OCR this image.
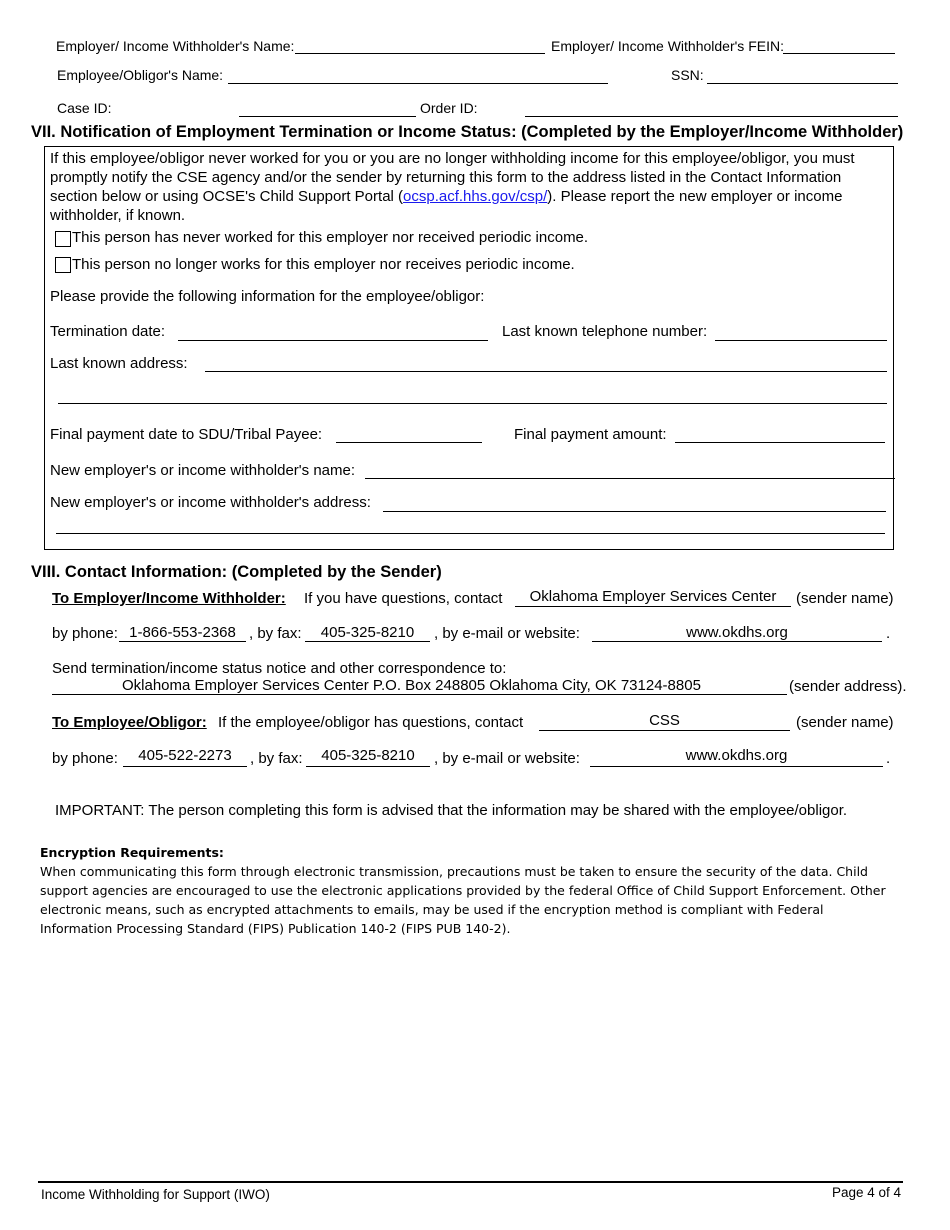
Employer/ Income Withholder's Name:	Employer/ Income Withholder's FEIN:
Employee/Obligor's Name:	SSN:
Case ID:	Order ID:
VII. Notification of Employment Termination or Income Status: (Completed by the Employer/Income Withholder)
If this employee/obligor never worked for you or you are no longer withholding income for this employee/obligor, you must promptly notify the CSE agency and/or the sender by returning this form to the address listed in the Contact Information section below or using OCSE's Child Support Portal (ocsp.acf.hhs.gov/csp/). Please report the new employer or income withholder, if known.
This person has never worked for this employer nor received periodic income.
This person no longer works for this employer nor receives periodic income.
Please provide the following information for the employee/obligor:
Termination date:	Last known telephone number:
Last known address:
Final payment date to SDU/Tribal Payee:	Final payment amount:
New employer's or income withholder's name:
New employer's or income withholder's address:
VIII. Contact Information: (Completed by the Sender)
To Employer/Income Withholder: If you have questions, contact	Oklahoma Employer Services Center	(sender name)
by phone: 1-866-553-2368 , by fax:	405-325-8210	, by e-mail or website:	www.okdhs.org	.
Send termination/income status notice and other correspondence to:
Oklahoma Employer Services Center P.O. Box 248805 Oklahoma City, OK 73124-8805	(sender address).
To Employee/Obligor: If the employee/obligor has questions, contact	CSS	(sender name)
by phone:	405-522-2273	, by fax:	405-325-8210	, by e-mail or website:	www.okdhs.org	.
IMPORTANT: The person completing this form is advised that the information may be shared with the employee/obligor.
Encryption Requirements:
When communicating this form through electronic transmission, precautions must be taken to ensure the security of the data. Child
support agencies are encouraged to use the electronic applications provided by the federal Office of Child Support Enforcement. Other
electronic means, such as encrypted attachments to emails, may be used if the encryption method is compliant with Federal
Information Processing Standard (FIPS) Publication 140-2 (FIPS PUB 140-2).
Income Withholding for Support (IWO)	Page 4 of 4
